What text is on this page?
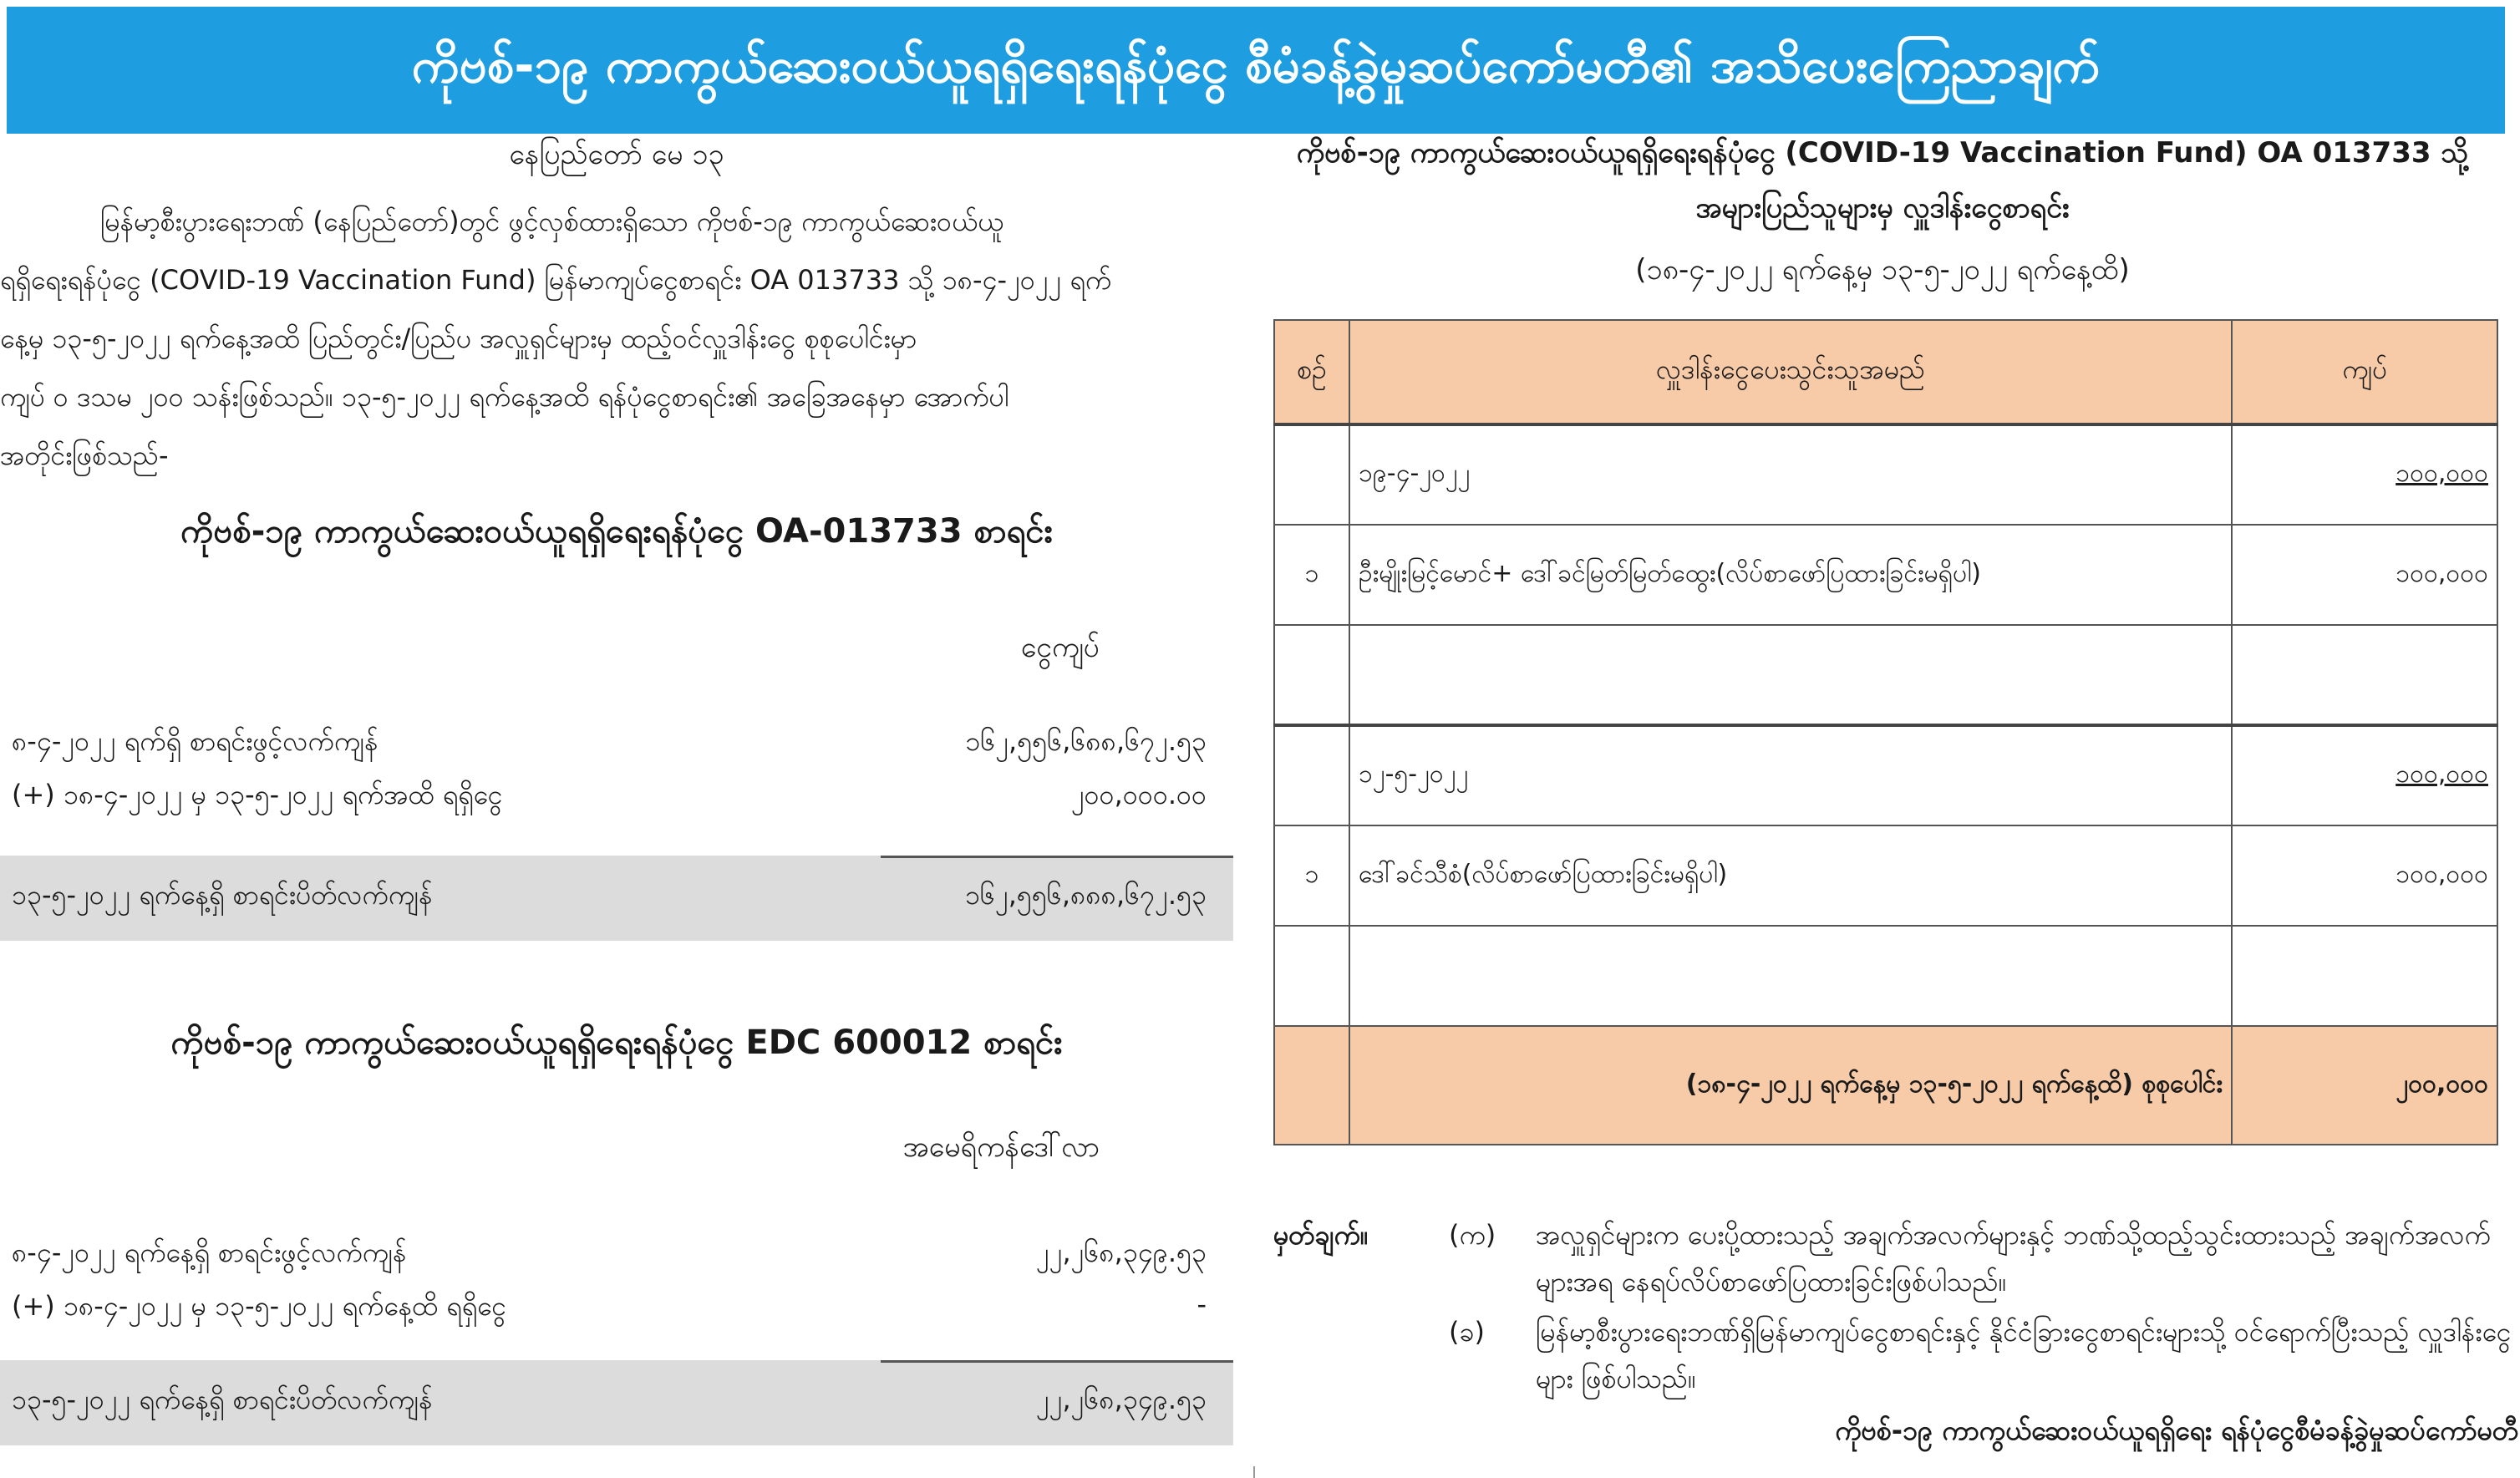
ကိုဗစ်-၁၉ ကာကွယ်ဆေးဝယ်ယူရရှိရေးရန်ပုံငွေ စီမံခန့်ခွဲမှုဆပ်ကော်မတီ၏ အသိပေးကြေညာချက်
နေပြည်တော် မေ ၁၃

မြန်မာ့စီးပွားရေးဘဏ် (နေပြည်တော်)တွင် ဖွင့်လှစ်ထားရှိသော ကိုဗစ်-၁၉ ကာကွယ်ဆေးဝယ်ယူ
ရရှိရေးရန်ပုံငွေ (COVID-19 Vaccination Fund) မြန်မာကျပ်ငွေစာရင်း OA 013733 သို့ ၁၈-၄-၂၀၂၂ ရက်
နေ့မှ ၁၃-၅-၂၀၂၂ ရက်နေ့အထိ ပြည်တွင်း/ပြည်ပ အလှူရှင်များမှ ထည့်ဝင်လှူဒါန်းငွေ စုစုပေါင်းမှာ
ကျပ် ၀ ဒသမ ၂၀၀ သန်းဖြစ်သည်။ ၁၃-၅-၂၀၂၂ ရက်နေ့အထိ ရန်ပုံငွေစာရင်း၏ အခြေအနေမှာ အောက်ပါ
အတိုင်းဖြစ်သည်-

ကိုဗစ်-၁၉ ကာကွယ်ဆေးဝယ်ယူရရှိရေးရန်ပုံငွေ OA-013733 စာရင်း
ငွေကျပ်
၈-၄-၂၀၂၂ ရက်ရှိ စာရင်းဖွင့်လက်ကျန်	၁၆၂,၅၅၆,၆၈၈,၆၇၂.၅၃
(+) ၁၈-၄-၂၀၂၂ မှ ၁၃-၅-၂၀၂၂ ရက်အထိ ရရှိငွေ	၂၀၀,၀၀၀.၀၀
၁၃-၅-၂၀၂၂ ရက်နေ့ရှိ စာရင်းပိတ်လက်ကျန်	၁၆၂,၅၅၆,၈၈၈,၆၇၂.၅၃
ကိုဗစ်-၁၉ ကာကွယ်ဆေးဝယ်ယူရရှိရေးရန်ပုံငွေ EDC 600012 စာရင်း
အမေရိကန်ဒေါ်လာ
၈-၄-၂၀၂၂ ရက်နေ့ရှိ စာရင်းဖွင့်လက်ကျန်	၂၂,၂၆၈,၃၄၉.၅၃
(+) ၁၈-၄-၂၀၂၂ မှ ၁၃-၅-၂၀၂၂ ရက်နေ့ထိ ရရှိငွေ	-
၁၃-၅-၂၀၂၂ ရက်နေ့ရှိ စာရင်းပိတ်လက်ကျန်	၂၂,၂၆၈,၃၄၉.၅၃
ကိုဗစ်-၁၉ ကာကွယ်ဆေးဝယ်ယူရရှိရေးရန်ပုံငွေ (COVID-19 Vaccination Fund) OA 013733 သို့
အများပြည်သူများမှ လှူဒါန်းငွေစာရင်း
(၁၈-၄-၂၀၂၂ ရက်နေ့မှ ၁၃-၅-၂၀၂၂ ရက်နေ့ထိ)
စဉ်	လှူဒါန်းငွေပေးသွင်းသူအမည်	ကျပ်
	၁၉-၄-၂၀၂၂	၁၀၀,၀၀၀
၁	ဦးမျိုးမြင့်မောင်+ ဒေါ်ခင်မြတ်မြတ်ထွေး(လိပ်စာဖော်ပြထားခြင်းမရှိပါ)	၁၀၀,၀၀၀

	၁၂-၅-၂၀၂၂	၁၀၀,၀၀၀
၁	ဒေါ်ခင်သီစံ(လိပ်စာဖော်ပြထားခြင်းမရှိပါ)	၁၀၀,၀၀၀

	(၁၈-၄-၂၀၂၂ ရက်နေ့မှ ၁၃-၅-၂၀၂၂ ရက်နေ့ထိ) စုစုပေါင်း	၂၀၀,၀၀၀
မှတ်ချက်။	(က) အလှူရှင်များက ပေးပို့ထားသည့် အချက်အလက်များနှင့် ဘဏ်သို့ထည့်သွင်းထားသည့် အချက်အလက်များအရ နေရပ်လိပ်စာဖော်ပြထားခြင်းဖြစ်ပါသည်။
(ခ) မြန်မာ့စီးပွားရေးဘဏ်ရှိမြန်မာကျပ်ငွေစာရင်းနှင့် နိုင်ငံခြားငွေစာရင်းများသို့ ဝင်ရောက်ပြီးသည့် လှူဒါန်းငွေများ ဖြစ်ပါသည်။
ကိုဗစ်-၁၉ ကာကွယ်ဆေးဝယ်ယူရရှိရေး ရန်ပုံငွေစီမံခန့်ခွဲမှုဆပ်ကော်မတီ
